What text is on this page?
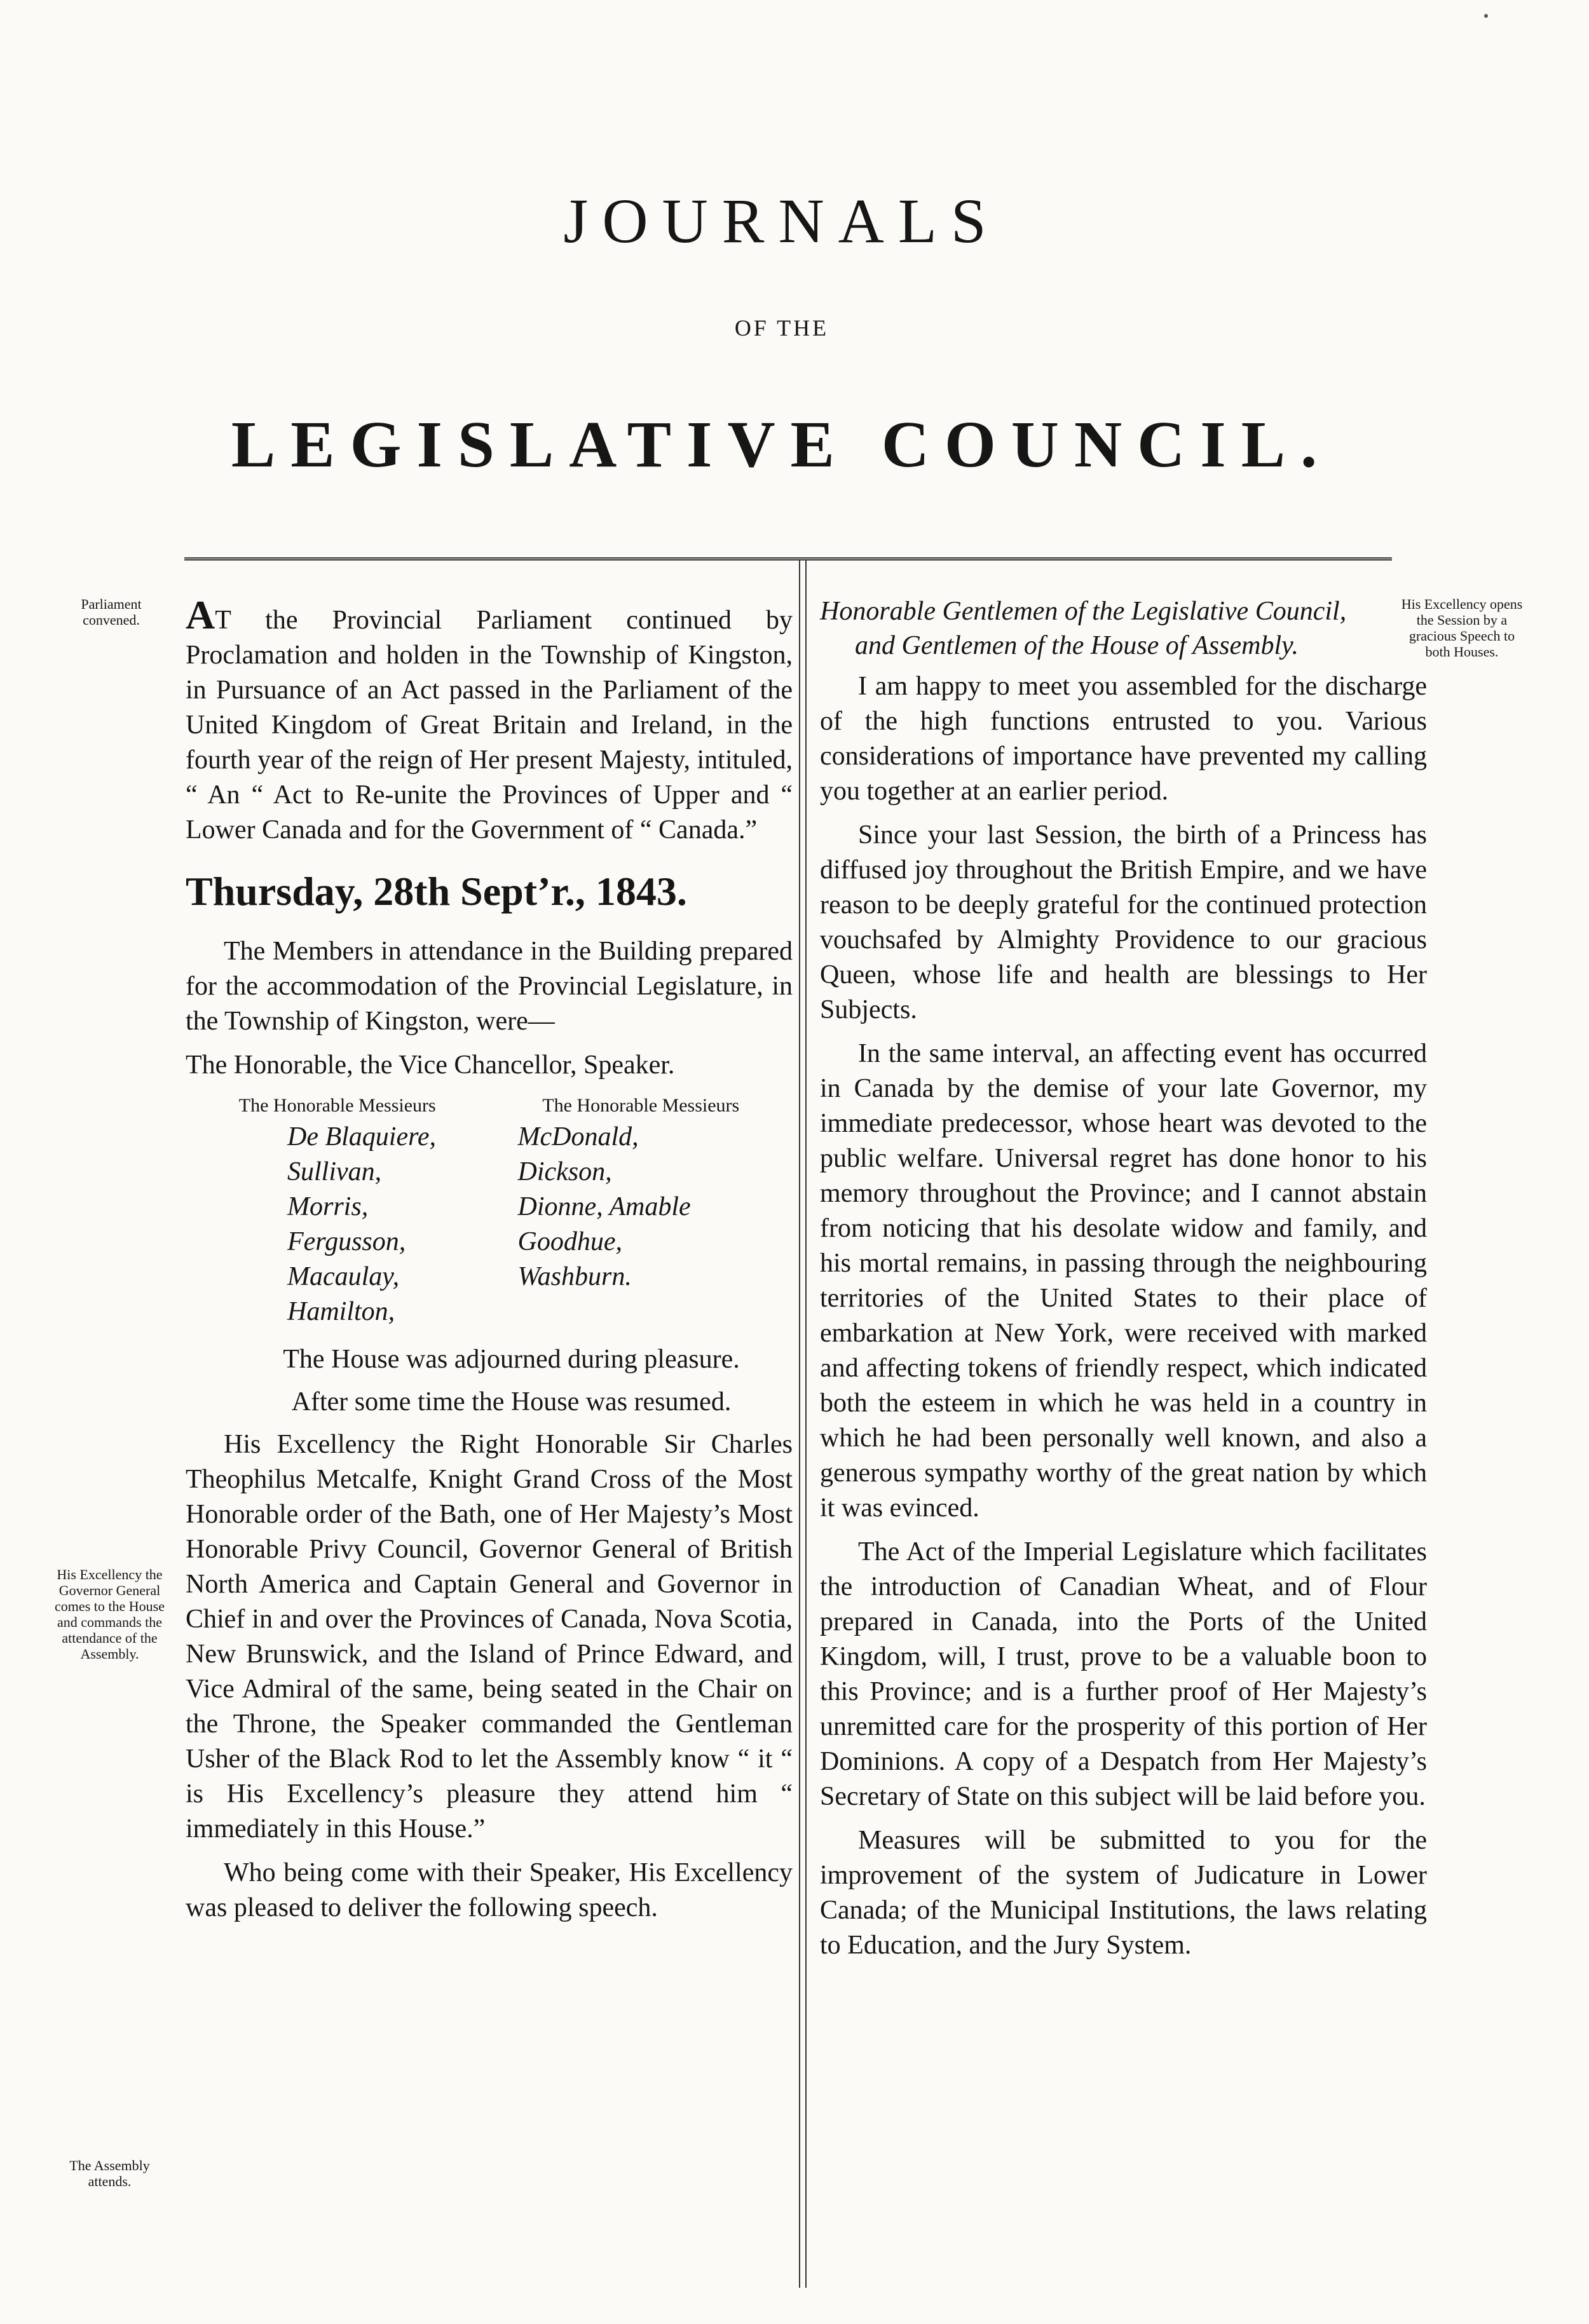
JOURNALS
OF THE
LEGISLATIVE COUNCIL.
Parliament convened.
His Excellency the Governor General comes to the House and commands the attendance of the Assembly.
The Assembly attends.
His Excellency opens the Session by a gracious Speech to both Houses.

AT the Provincial Parliament continued by Proclamation and holden in the Township of Kingston, in Pursuance of an Act passed in the Parliament of the United Kingdom of Great Britain and Ireland, in the fourth year of the reign of Her present Majesty, intituled, “ An “ Act to Re-unite the Provinces of Upper and “ Lower Canada and for the Government of “ Canada.”

Thursday, 28th Sept’r., 1843.

The Members in attendance in the Building prepared for the accommodation of the Provincial Legislature, in the Township of Kingston, were—

The Honorable, the Vice Chancellor, Speaker.
The Honorable Messieurs
De Blaquiere,
Sullivan,
Morris,
Fergusson,
Macaulay,
Hamilton,
The Honorable Messieurs
McDonald,
Dickson,
Dionne, Amable
Goodhue,
Washburn.
The House was adjourned during pleasure.
After some time the House was resumed.

His Excellency the Right Honorable Sir Charles Theophilus Metcalfe, Knight Grand Cross of the Most Honorable order of the Bath, one of Her Majesty’s Most Honorable Privy Council, Governor General of British North America and Captain General and Governor in Chief in and over the Provinces of Canada, Nova Scotia, New Brunswick, and the Island of Prince Edward, and Vice Admiral of the same, being seated in the Chair on the Throne, the Speaker commanded the Gentleman Usher of the Black Rod to let the Assembly know “ it “ is His Excellency’s pleasure they attend him “ immediately in this House.”

Who being come with their Speaker, His Excellency was pleased to deliver the following speech.

Honorable Gentlemen of the Legislative Council,
and Gentlemen of the House of Assembly.

I am happy to meet you assembled for the discharge of the high functions entrusted to you. Various considerations of importance have prevented my calling you together at an earlier period.

Since your last Session, the birth of a Princess has diffused joy throughout the British Empire, and we have reason to be deeply grateful for the continued protection vouchsafed by Almighty Providence to our gracious Queen, whose life and health are blessings to Her Subjects.

In the same interval, an affecting event has occurred in Canada by the demise of your late Governor, my immediate predecessor, whose heart was devoted to the public welfare. Universal regret has done honor to his memory throughout the Province; and I cannot abstain from noticing that his desolate widow and family, and his mortal remains, in passing through the neighbouring territories of the United States to their place of embarkation at New York, were received with marked and affecting tokens of friendly respect, which indicated both the esteem in which he was held in a country in which he had been personally well known, and also a generous sympathy worthy of the great nation by which it was evinced.

The Act of the Imperial Legislature which facilitates the introduction of Canadian Wheat, and of Flour prepared in Canada, into the Ports of the United Kingdom, will, I trust, prove to be a valuable boon to this Province; and is a further proof of Her Majesty’s unremitted care for the prosperity of this portion of Her Dominions. A copy of a Despatch from Her Majesty’s Secretary of State on this subject will be laid before you.

Measures will be submitted to you for the improvement of the system of Judicature in Lower Canada; of the Municipal Institutions, the laws relating to Education, and the Jury System.
